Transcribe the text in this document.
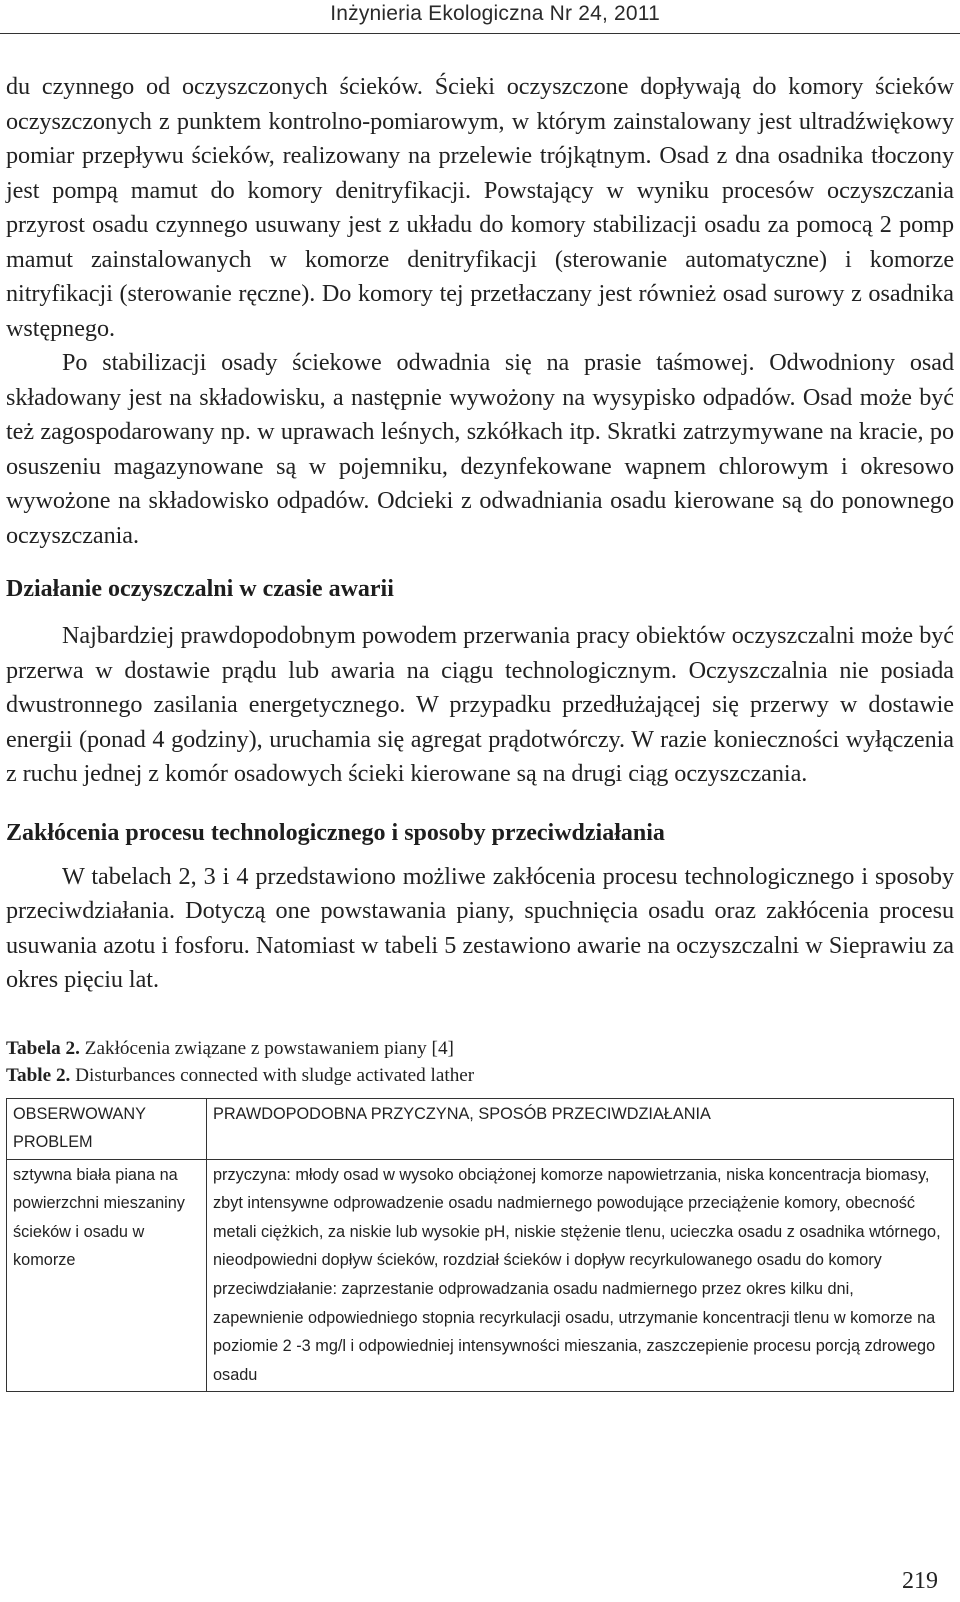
Inżynieria Ekologiczna Nr 24, 2011

du czynnego od oczyszczonych ścieków. Ścieki oczyszczone dopływają do komory ścieków oczyszczonych z punktem kontrolno-pomiarowym, w którym zainstalowany jest ultradźwiękowy pomiar przepływu ścieków, realizowany na przelewie trójkątnym. Osad z dna osadnika tłoczony jest pompą mamut do komory denitryfikacji. Powstający w wyniku procesów oczyszczania przyrost osadu czynnego usuwany jest z układu do komory stabilizacji osadu za pomocą 2 pomp mamut zainstalowanych w komorze denitryfikacji (sterowanie automatyczne) i komorze nitryfikacji (sterowanie ręczne). Do komory tej przetłaczany jest również osad surowy z osadnika wstępnego.

Po stabilizacji osady ściekowe odwadnia się na prasie taśmowej. Odwodniony osad składowany jest na składowisku, a następnie wywożony na wysypisko odpadów. Osad może być też zagospodarowany np. w uprawach leśnych, szkółkach itp. Skratki zatrzymywane na kracie, po osuszeniu magazynowane są w pojemniku, dezynfekowane wapnem chlorowym i okresowo wywożone na składowisko odpadów. Odcieki z odwadniania osadu kierowane są do ponownego oczyszczania.

Działanie oczyszczalni w czasie awarii

Najbardziej prawdopodobnym powodem przerwania pracy obiektów oczyszczalni może być przerwa w dostawie prądu lub awaria na ciągu technologicznym. Oczyszczalnia nie posiada dwustronnego zasilania energetycznego. W przypadku przedłużającej się przerwy w dostawie energii (ponad 4 godziny), uruchamia się agregat prądotwórczy. W razie konieczności wyłączenia z ruchu jednej z komór osadowych ścieki kierowane są na drugi ciąg oczyszczania.

Zakłócenia procesu technologicznego i sposoby przeciwdziałania

W tabelach 2, 3 i 4 przedstawiono możliwe zakłócenia procesu technologicznego i sposoby przeciwdziałania. Dotyczą one powstawania piany, spuchnięcia osadu oraz zakłócenia procesu usuwania azotu i fosforu. Natomiast w tabeli 5 zestawiono awarie na oczyszczalni w Sieprawiu za okres pięciu lat.

Tabela 2. Zakłócenia związane z powstawaniem piany [4]

Table 2. Disturbances connected with sludge activated lather

OBSERWOWANY PROBLEM	PRAWDOPODOBNA PRZYCZYNA, SPOSÓB PRZECIWDZIAŁANIA
sztywna biała piana na powierzchni mieszaniny ścieków i osadu w komorze	przyczyna: młody osad w wysoko obciążonej komorze napowietrzania, niska koncentracja biomasy, zbyt intensywne odprowadzenie osadu nadmiernego powodujące przeciążenie komory, obecność metali ciężkich, za niskie lub wysokie pH, niskie stężenie tlenu, ucieczka osadu z osadnika wtórnego, nieodpowiedni dopływ ścieków, rozdział ścieków i dopływ recyrkulowanego osadu do komory
przeciwdziałanie: zaprzestanie odprowadzania osadu nadmiernego przez okres kilku dni, zapewnienie odpowiedniego stopnia recyrkulacji osadu, utrzymanie koncentracji tlenu w komorze na poziomie 2 -3 mg/l i odpowiedniej intensywności mieszania, zaszczepienie procesu porcją zdrowego osadu
219
